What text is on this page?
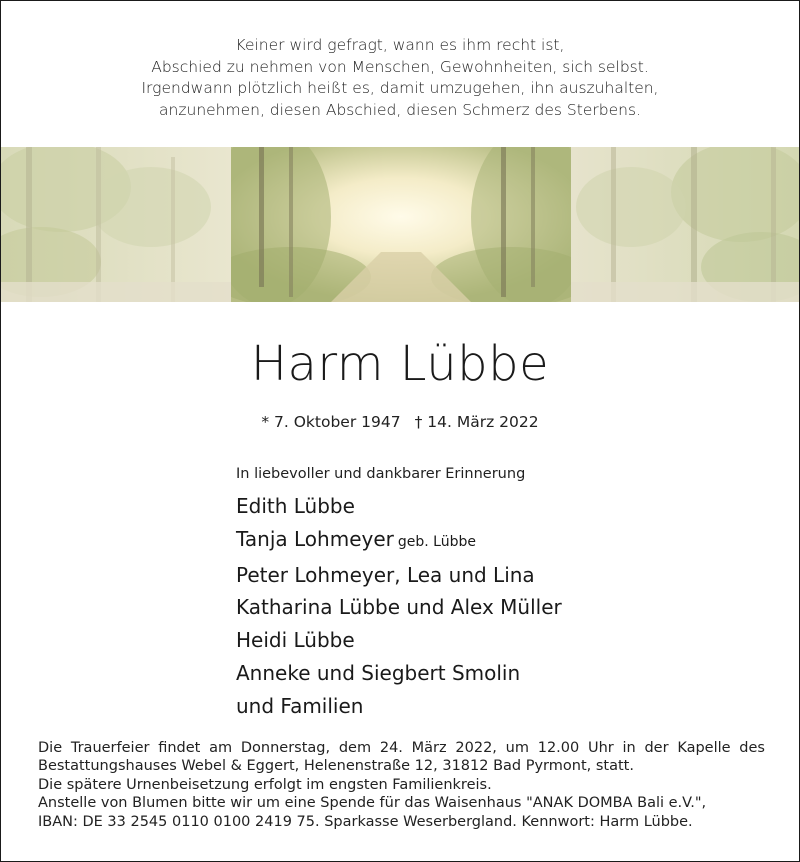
Keiner wird gefragt, wann es ihm recht ist,
Abschied zu nehmen von Menschen, Gewohnheiten, sich selbst.
Irgendwann plötzlich heißt es, damit umzugehen, ihn auszuhalten,
anzunehmen, diesen Abschied, diesen Schmerz des Sterbens.
Harm Lübbe
* 7. Oktober 1947 † 14. März 2022
In liebevoller und dankbarer Erinnerung
Edith Lübbe
Tanja Lohmeyer geb. Lübbe
Peter Lohmeyer, Lea und Lina
Katharina Lübbe und Alex Müller
Heidi Lübbe
Anneke und Siegbert Smolin
und Familien
Die Trauerfeier findet am Donnerstag, dem 24. März 2022, um 12.00 Uhr in der Kapelle des
Bestattungshauses Webel & Eggert, Helenenstraße 12, 31812 Bad Pyrmont, statt.
Die spätere Urnenbeisetzung erfolgt im engsten Familienkreis.
Anstelle von Blumen bitte wir um eine Spende für das Waisenhaus "ANAK DOMBA Bali e.V.",
IBAN: DE 33 2545 0110 0100 2419 75. Sparkasse Weserbergland. Kennwort: Harm Lübbe.
